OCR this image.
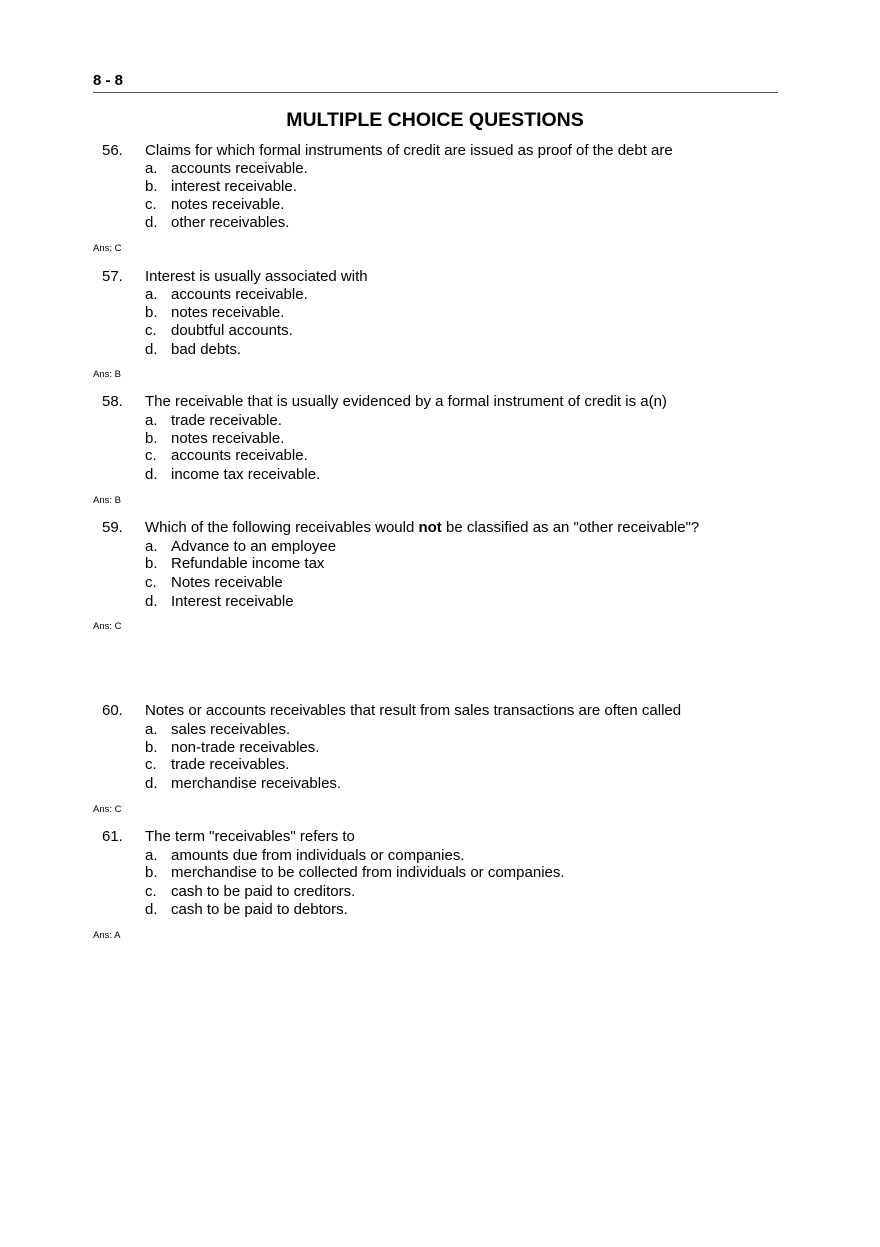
8 - 8
MULTIPLE CHOICE QUESTIONS
56. Claims for which formal instruments of credit are issued as proof of the debt are
a. accounts receivable.
b. interest receivable.
c. notes receivable.
d. other receivables.
Ans: C
57. Interest is usually associated with
a. accounts receivable.
b. notes receivable.
c. doubtful accounts.
d. bad debts.
Ans: B
58. The receivable that is usually evidenced by a formal instrument of credit is a(n)
a. trade receivable.
b. notes receivable.
c. accounts receivable.
d. income tax receivable.
Ans: B
59. Which of the following receivables would not be classified as an "other receivable"?
a. Advance to an employee
b. Refundable income tax
c. Notes receivable
d. Interest receivable
Ans: C
60. Notes or accounts receivables that result from sales transactions are often called
a. sales receivables.
b. non-trade receivables.
c. trade receivables.
d. merchandise receivables.
Ans: C
61. The term "receivables" refers to
a. amounts due from individuals or companies.
b. merchandise to be collected from individuals or companies.
c. cash to be paid to creditors.
d. cash to be paid to debtors.
Ans: A
